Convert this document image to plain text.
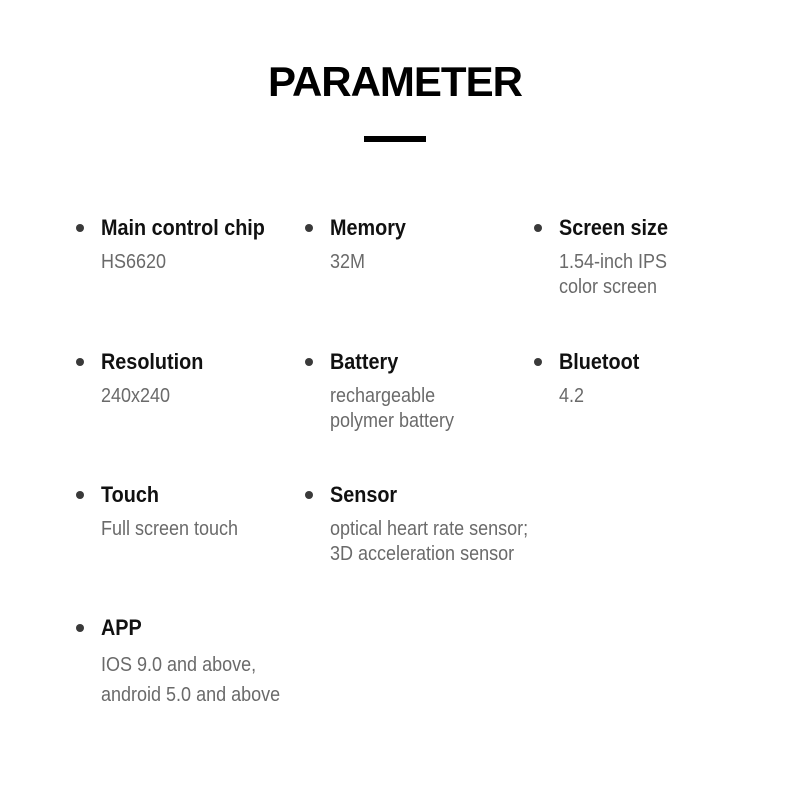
PARAMETER
Main control chip
HS6620
Memory
32M
Screen size
1.54-inch IPS
color screen
Resolution
240x240
Battery
rechargeable
polymer battery
Bluetoot
4.2
Touch
Full screen touch
Sensor
optical heart rate sensor;
3D acceleration sensor
APP
IOS 9.0 and above,
android 5.0 and above
